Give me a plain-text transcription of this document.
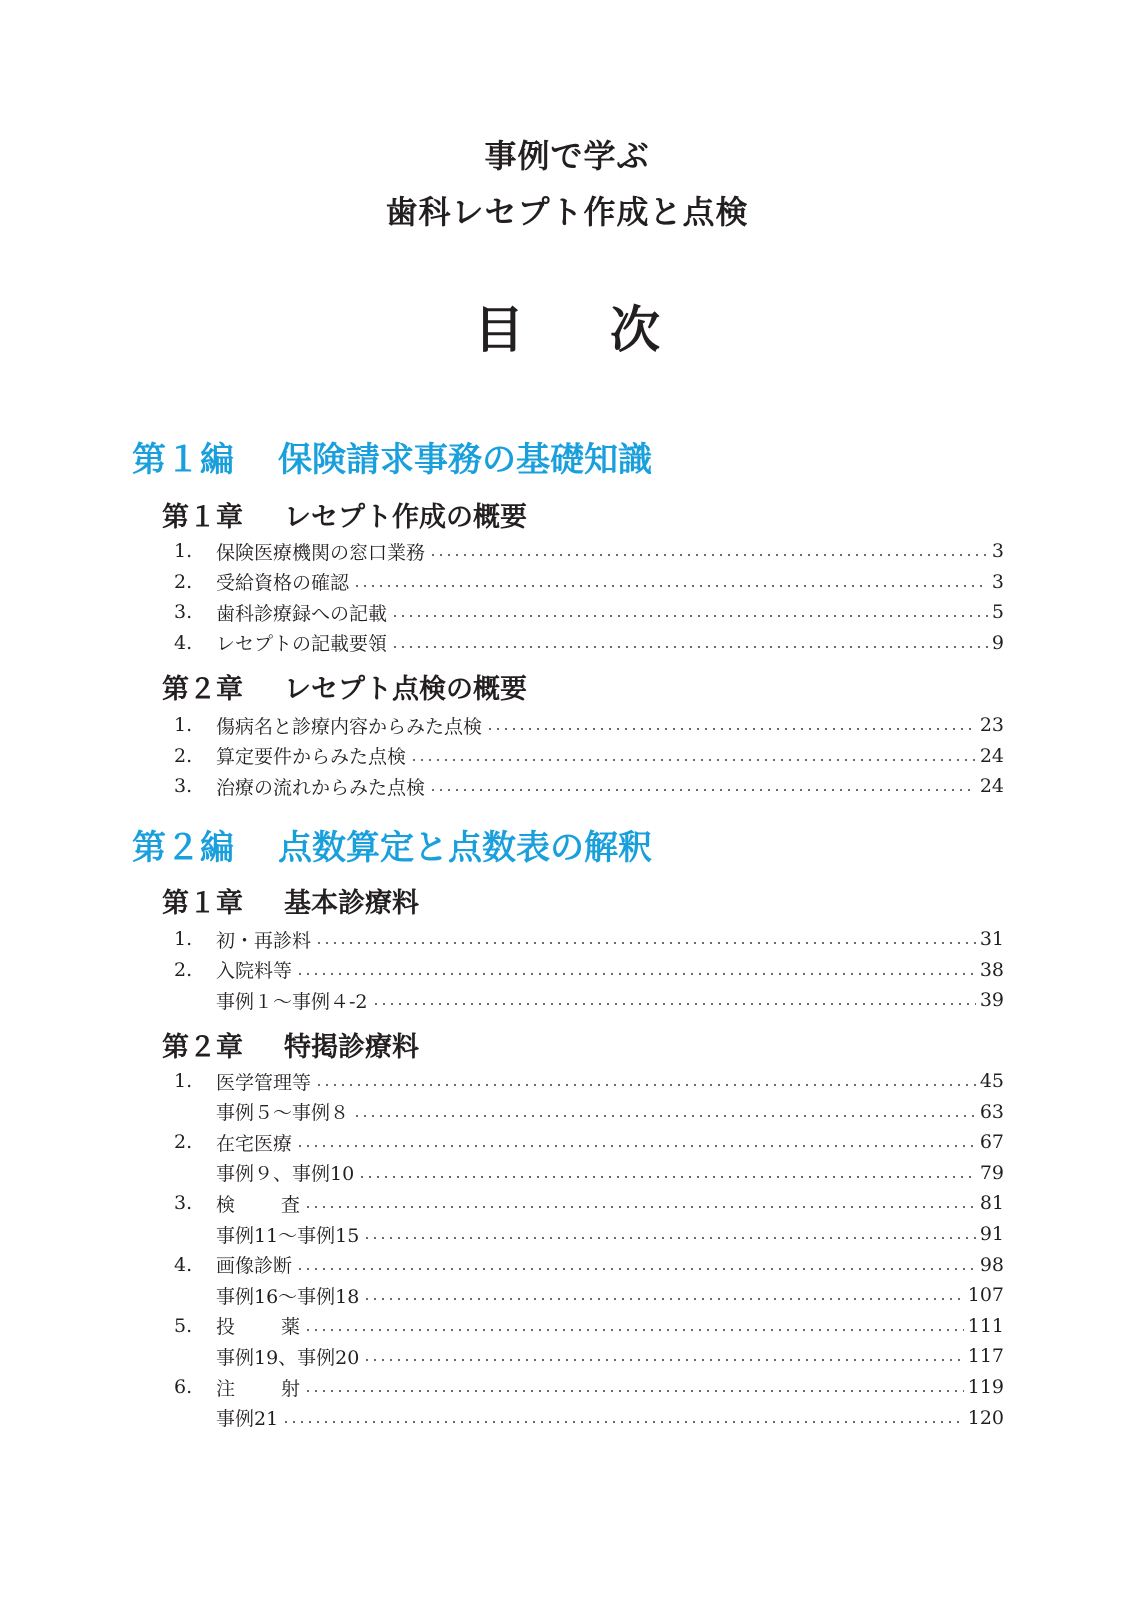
事例で学ぶ
歯科レセプト作成と点検
目 次
第１編 保険請求事務の基礎知識
第１章 レセプト作成の概要
1.	保険医療機関の窓口業務	3
2.	受給資格の確認	3
3.	歯科診療録への記載	5
4.	レセプトの記載要領	9
第２章 レセプト点検の概要
1.	傷病名と診療内容からみた点検	23
2.	算定要件からみた点検	24
3.	治療の流れからみた点検	24
第２編 点数算定と点数表の解釈
第１章 基本診療料
1.	初・再診料	31
2.	入院料等	38
事例１～事例４-2	39
第２章 特掲診療料
1.	医学管理等	45
事例５～事例８	63
2.	在宅医療	67
事例９、事例10	79
3.	検 査	81
事例11～事例15	91
4.	画像診断	98
事例16～事例18	107
5.	投 薬	111
事例19、事例20	117
6.	注 射	119
事例21	120
